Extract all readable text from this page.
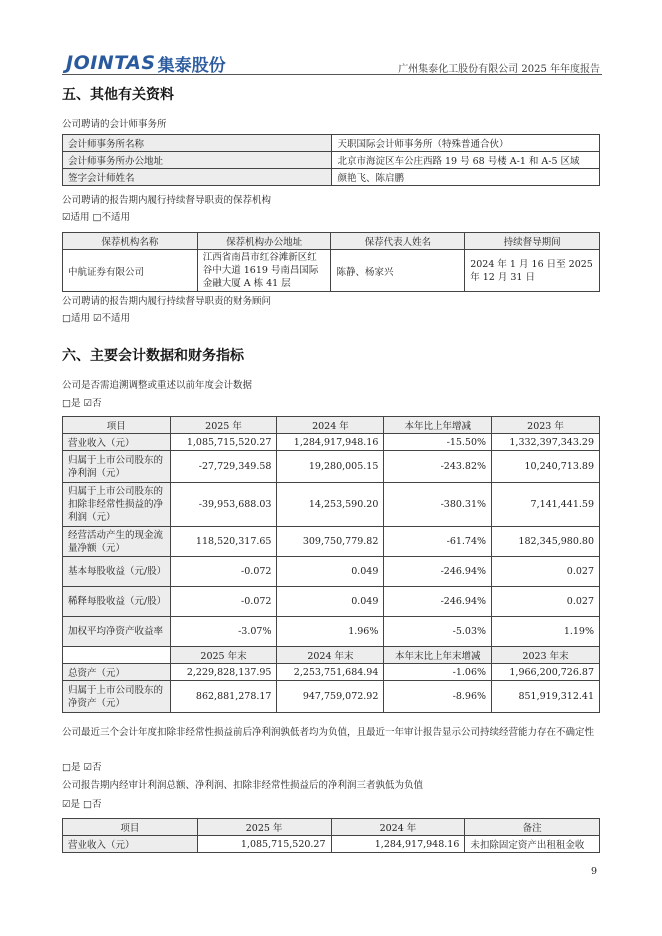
JOINTAS 集泰股份	广州集泰化工股份有限公司 2025 年年度报告
五、其他有关资料
公司聘请的会计师事务所
会计师事务所名称	天职国际会计师事务所（特殊普通合伙）
会计师事务所办公地址	北京市海淀区车公庄西路 19 号 68 号楼 A-1 和 A-5 区域
签字会计师姓名	颜艳飞、陈启鹏
公司聘请的报告期内履行持续督导职责的保荐机构
☑适用 □不适用
保荐机构名称	保荐机构办公地址	保荐代表人姓名	持续督导期间
中航证券有限公司	江西省南昌市红谷滩新区红谷中大道 1619 号南昌国际金融大厦 A 栋 41 层	陈静、杨家兴	2024 年 1 月 16 日至 2025 年 12 月 31 日
公司聘请的报告期内履行持续督导职责的财务顾问
□适用 ☑不适用
六、主要会计数据和财务指标
公司是否需追溯调整或重述以前年度会计数据
□是 ☑否
项目	2025 年	2024 年	本年比上年增减	2023 年
营业收入（元）	1,085,715,520.27	1,284,917,948.16	-15.50%	1,332,397,343.29
归属于上市公司股东的净利润（元）	-27,729,349.58	19,280,005.15	-243.82%	10,240,713.89
归属于上市公司股东的扣除非经常性损益的净利润（元）	-39,953,688.03	14,253,590.20	-380.31%	7,141,441.59
经营活动产生的现金流量净额（元）	118,520,317.65	309,750,779.82	-61.74%	182,345,980.80
基本每股收益（元/股）	-0.072	0.049	-246.94%	0.027
稀释每股收益（元/股）	-0.072	0.049	-246.94%	0.027
加权平均净资产收益率	-3.07%	1.96%	-5.03%	1.19%
	2025 年末	2024 年末	本年末比上年末增减	2023 年末
总资产（元）	2,229,828,137.95	2,253,751,684.94	-1.06%	1,966,200,726.87
归属于上市公司股东的净资产（元）	862,881,278.17	947,759,072.92	-8.96%	851,919,312.41
公司最近三个会计年度扣除非经常性损益前后净利润孰低者均为负值，且最近一年审计报告显示公司持续经营能力存在不确定性
□是 ☑否
公司报告期内经审计利润总额、净利润、扣除非经常性损益后的净利润三者孰低为负值
☑是 □否
项目	2025 年	2024 年	备注
营业收入（元）	1,085,715,520.27	1,284,917,948.16	未扣除固定资产出租租金收
9
